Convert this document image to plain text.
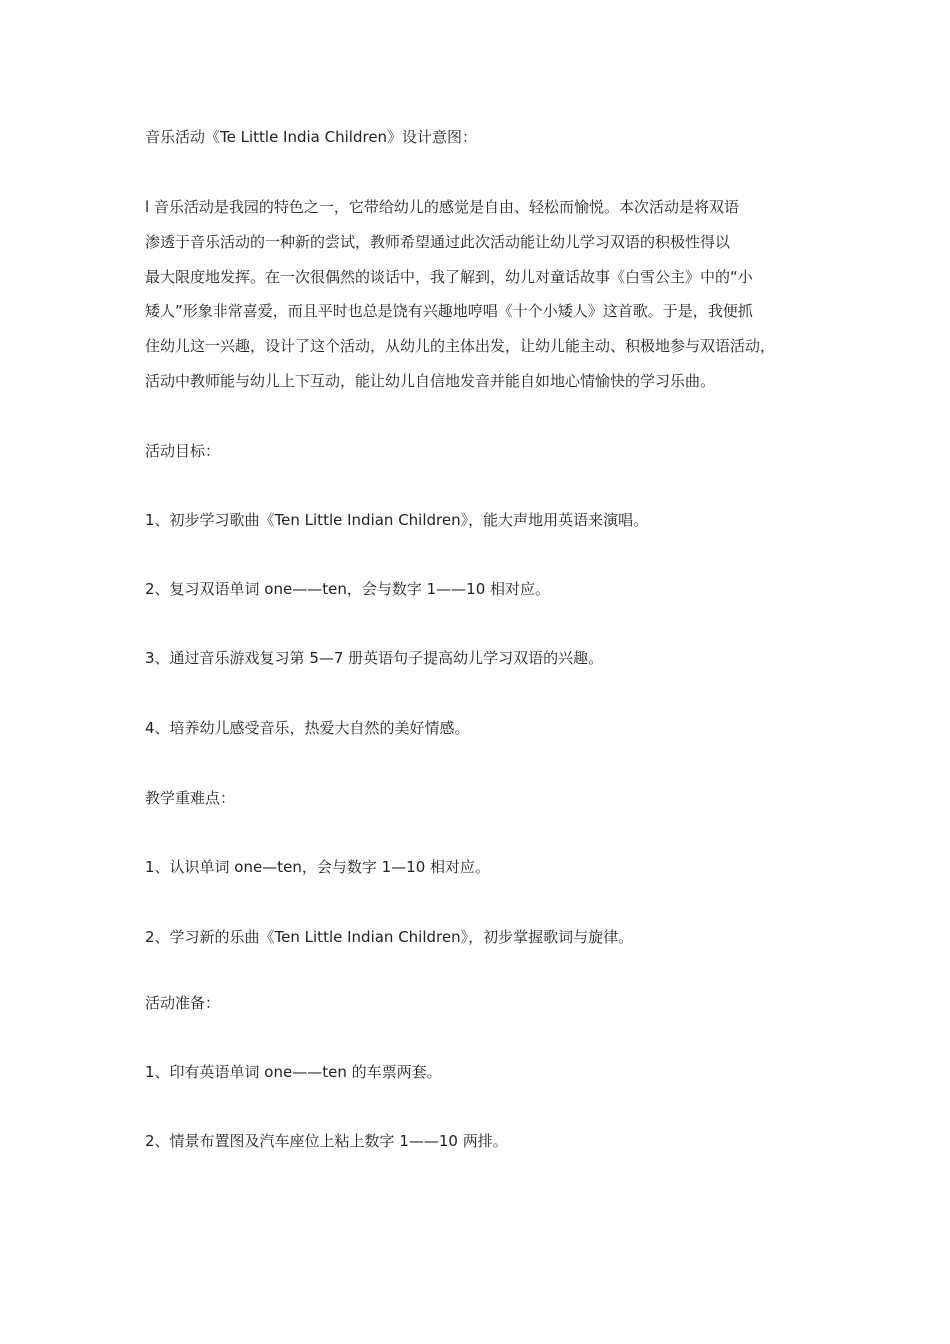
音乐活动《Te Little India Children》设计意图：
l 音乐活动是我园的特色之一，它带给幼儿的感觉是自由、轻松而愉悦。本次活动是将双语
渗透于音乐活动的一种新的尝试，教师希望通过此次活动能让幼儿学习双语的积极性得以
最大限度地发挥。在一次很偶然的谈话中，我了解到，幼儿对童话故事《白雪公主》中的“小
矮人”形象非常喜爱，而且平时也总是饶有兴趣地哼唱《十个小矮人》这首歌。于是，我便抓
住幼儿这一兴趣，设计了这个活动，从幼儿的主体出发，让幼儿能主动、积极地参与双语活动，
活动中教师能与幼儿上下互动，能让幼儿自信地发音并能自如地心情愉快的学习乐曲。
活动目标：
1、初步学习歌曲《Ten Little Indian Children》，能大声地用英语来演唱。
2、复习双语单词 one——ten，会与数字 1——10 相对应。
3、通过音乐游戏复习第 5—7 册英语句子提高幼儿学习双语的兴趣。
4、培养幼儿感受音乐，热爱大自然的美好情感。
教学重难点：
1、认识单词 one—ten，会与数字 1—10 相对应。
2、学习新的乐曲《Ten Little Indian Children》，初步掌握歌词与旋律。
活动准备：
1、印有英语单词 one——ten 的车票两套。
2、情景布置图及汽车座位上粘上数字 1——10 两排。
